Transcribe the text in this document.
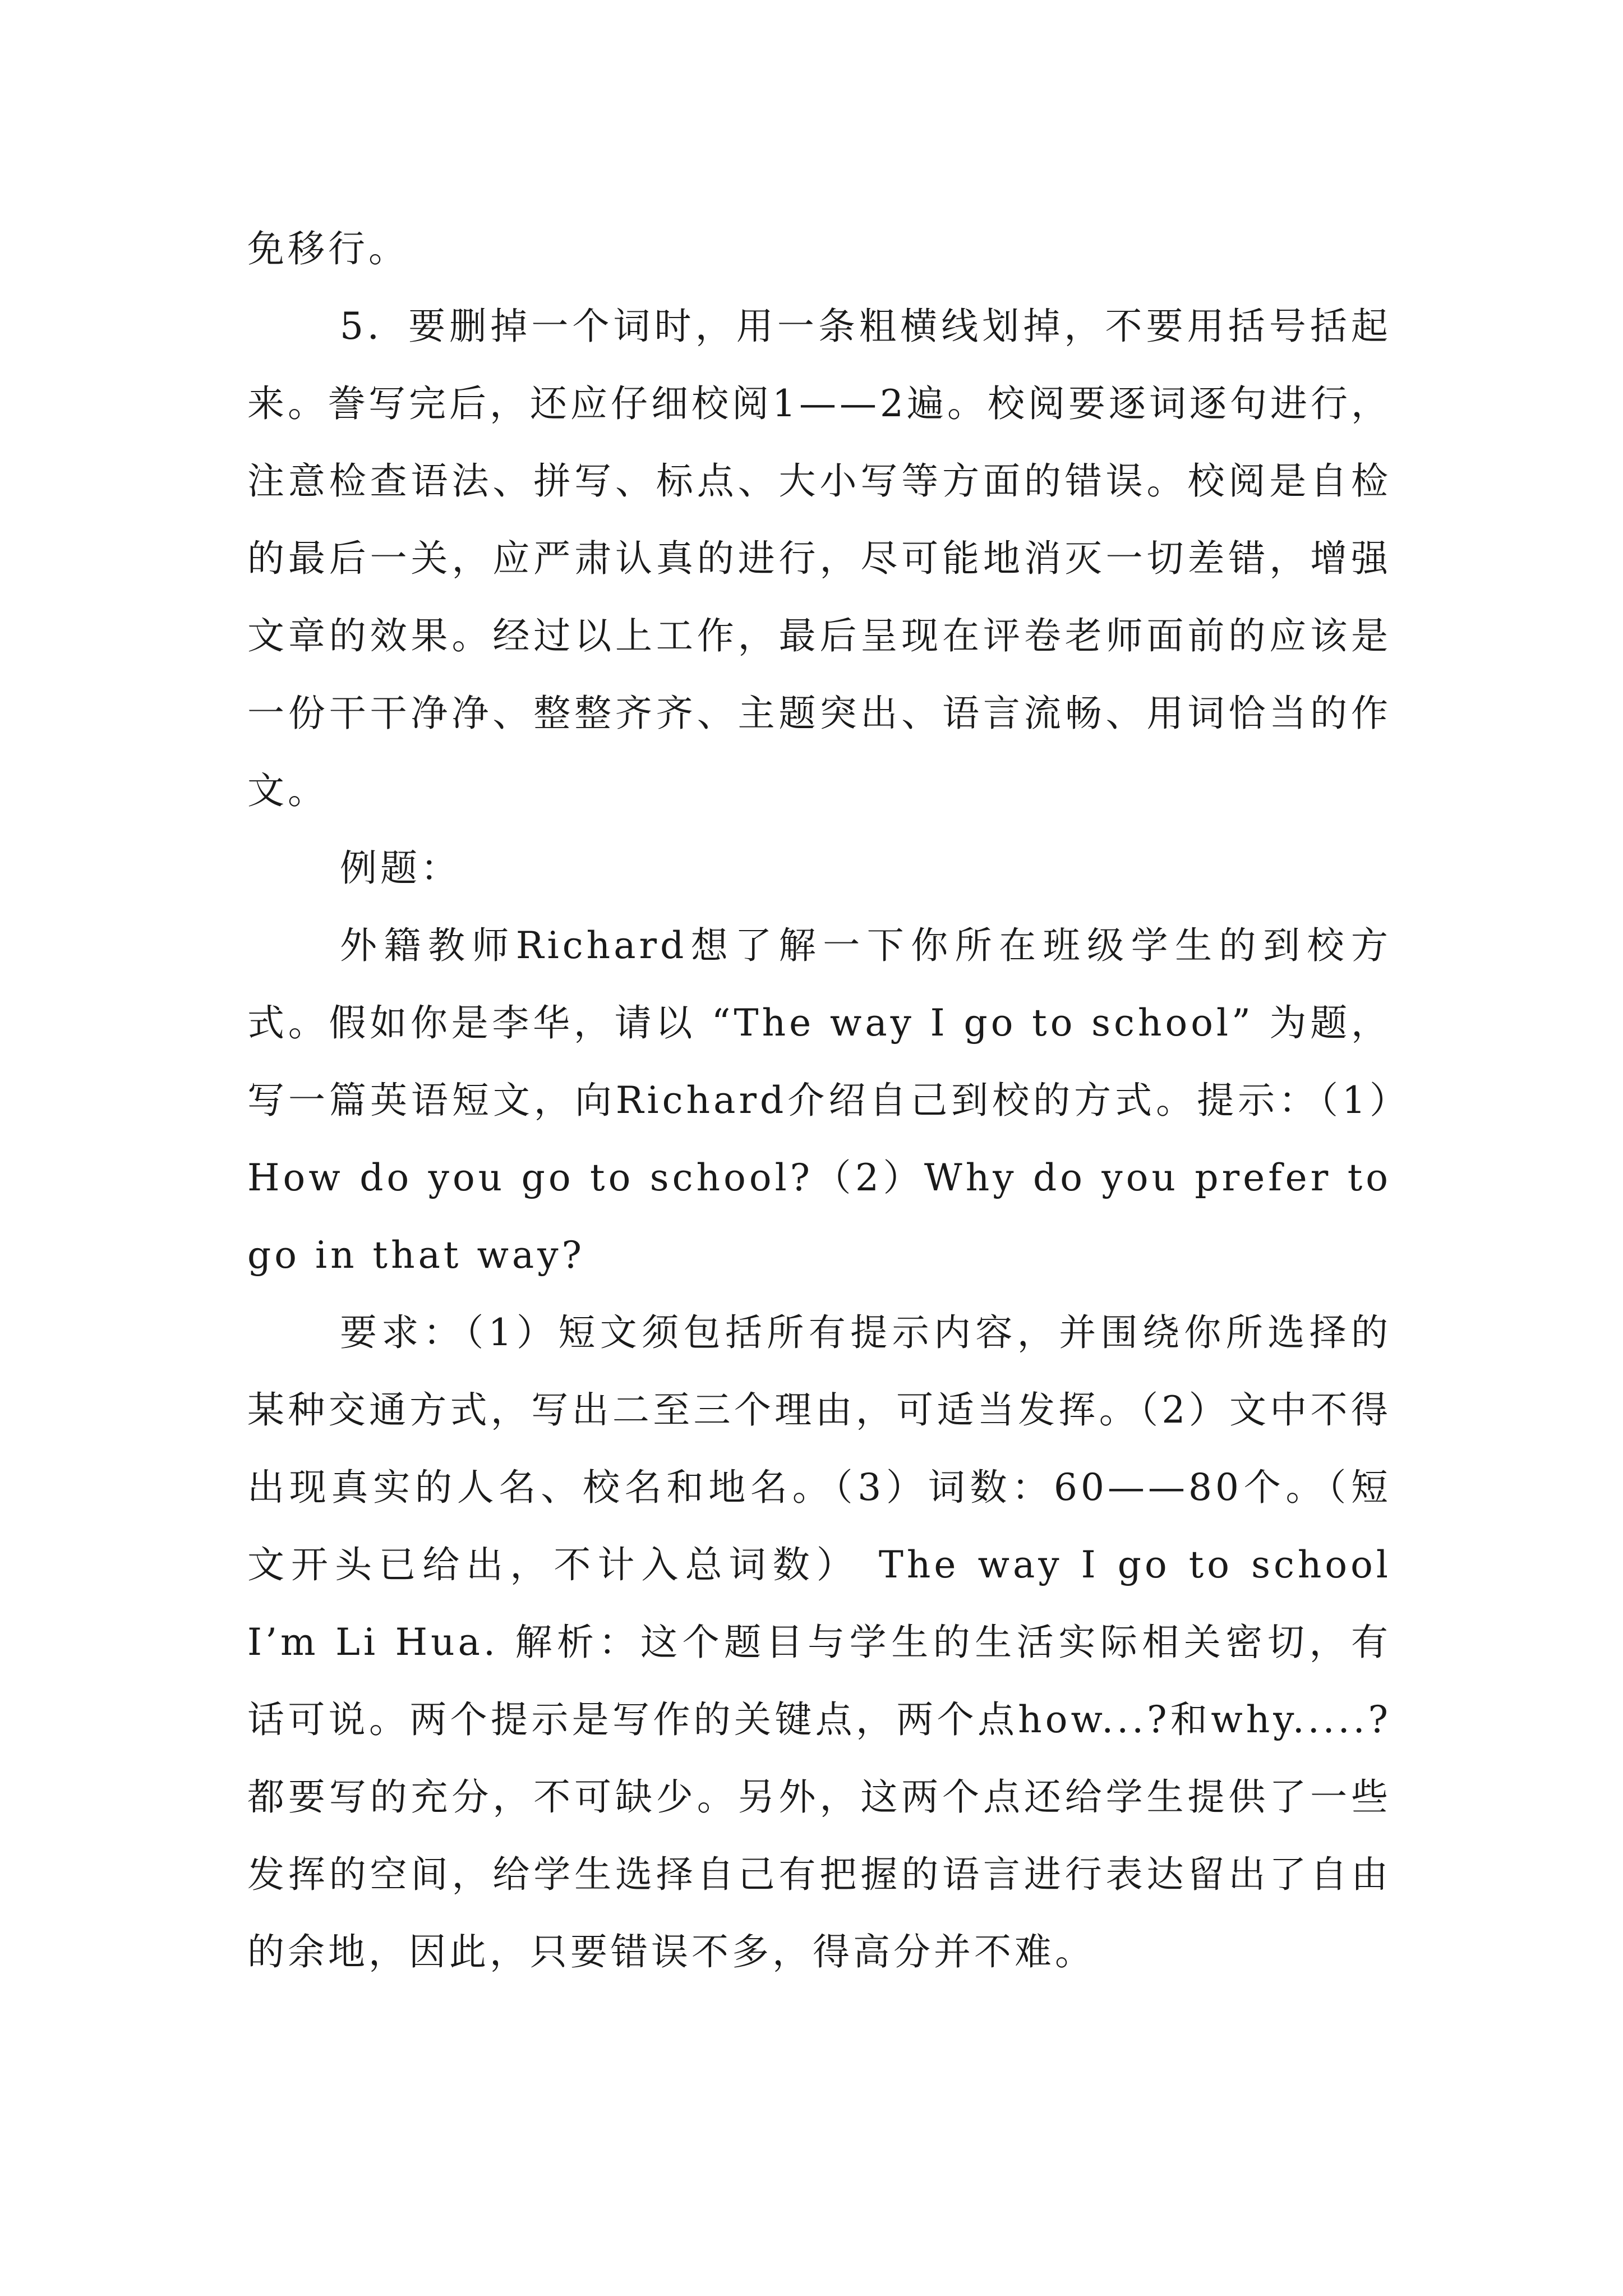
免移行。

5．要删掉一个词时，用一条粗横线划掉，不要用括号括起来。誊写完后，还应仔细校阅1——2遍。校阅要逐词逐句进行，注意检查语法、拼写、标点、大小写等方面的错误。校阅是自检的最后一关，应严肃认真的进行，尽可能地消灭一切差错，增强文章的效果。经过以上工作，最后呈现在评卷老师面前的应该是一份干干净净、整整齐齐、主题突出、语言流畅、用词恰当的作文。

例题：

外籍教师Richard想了解一下你所在班级学生的到校方式。假如你是李华，请以 “The way I go to school” 为题，写一篇英语短文，向Richard介绍自己到校的方式。提示：（1）How do you go to school?（2）Why do you prefer to go in that way?

要求：（1）短文须包括所有提示内容，并围绕你所选择的某种交通方式，写出二至三个理由，可适当发挥。（2）文中不得出现真实的人名、校名和地名。（3）词数：60——80个。（短文开头已给出，不计入总词数） The way I go to school I’m Li Hua. 解析：这个题目与学生的生活实际相关密切，有话可说。两个提示是写作的关键点，两个点how...?和why.....?都要写的充分，不可缺少。另外，这两个点还给学生提供了一些发挥的空间，给学生选择自己有把握的语言进行表达留出了自由的余地，因此，只要错误不多，得高分并不难。
